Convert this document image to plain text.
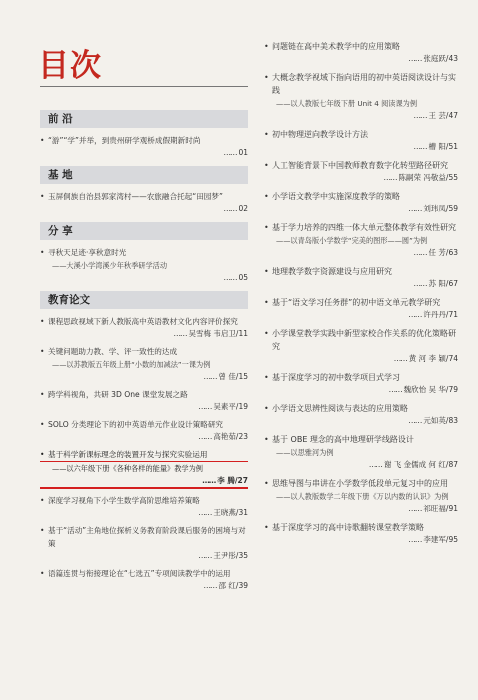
目次
前 沿
• “游”“学”并举，到贵州研学观桥成假期新时尚
…… 01
基 地
• 玉屏侗族自治县郭家湾村——农旅融合托起“田园梦”
…… 02
分 享
• 寻秋天足迹·享秋意时光
——大溪小学湾溪少年秋季研学活动
…… 05
教育论文
• 课程思政视域下新人教版高中英语教材文化内容评价探究
…… 吴雪梅 韦启卫/11
• 关键问题助力教、学、评一致性的达成
——以苏教版五年级上册“小数的加减法”一课为例
…… 曾 佳/15
• 跨学科视角，共研 3D One 课堂发展之路
…… 吴素平/19
• SOLO 分类理论下的初中英语单元作业设计策略研究
…… 高艳茹/23
• 基于科学新课标理念的装置开发与探究实验运用
——以六年级下册《各种各样的能量》教学为例
…… 李 腾/27
• 深度学习视角下小学生数学高阶思维培养策略
…… 王晓燕/31
• 基于“活动”主角地位探析义务教育阶段课后服务的困境与对策
…… 王尹彤/35
• 语篇连贯与衔接理论在“七选五”专项阅读教学中的运用
…… 邵 红/39
• 问题链在高中美术教学中的应用策略
…… 张庭跃/43
• 大概念教学视域下指向语用的初中英语阅读设计与实践
——以人教版七年级下册 Unit 4 阅读课为例
…… 王 芸/47
• 初中物理逆向教学设计方法
…… 槽 阳/51
• 人工智能背景下中国教师教育数字化转型路径研究
…… 陈嗣荣 冯敬益/55
• 小学语文教学中实施深度教学的策略
…… 刘玮凤/59
• 基于学力培养的四维一体大单元整体教学有效性研究
——以青岛版小学数学“完美的图形——圆”为例
…… 任 芳/63
• 地理教学数字资源建设与应用研究
…… 苏 阳/67
• 基于“语文学习任务群”的初中语文单元教学研究
…… 许丹丹/71
• 小学课堂教学实践中新型家校合作关系的优化策略研究
…… 黄 河 李 颖/74
• 基于深度学习的初中数学项目式学习
…… 魏欣怡 吴 华/79
• 小学语文思辨性阅读与表达的应用策略
…… 元如英/83
• 基于 OBE 理念的高中地理研学线路设计
——以思雅河为例
…… 谢 飞 金儒成 何 红/87
• 思维导图与串讲在小学数学低段单元复习中的应用
——以人教版数学二年级下册《万以内数的认识》为例
…… 祁旺福/91
• 基于深度学习的高中诗歌翻转课堂教学策略
…… 李建军/95
